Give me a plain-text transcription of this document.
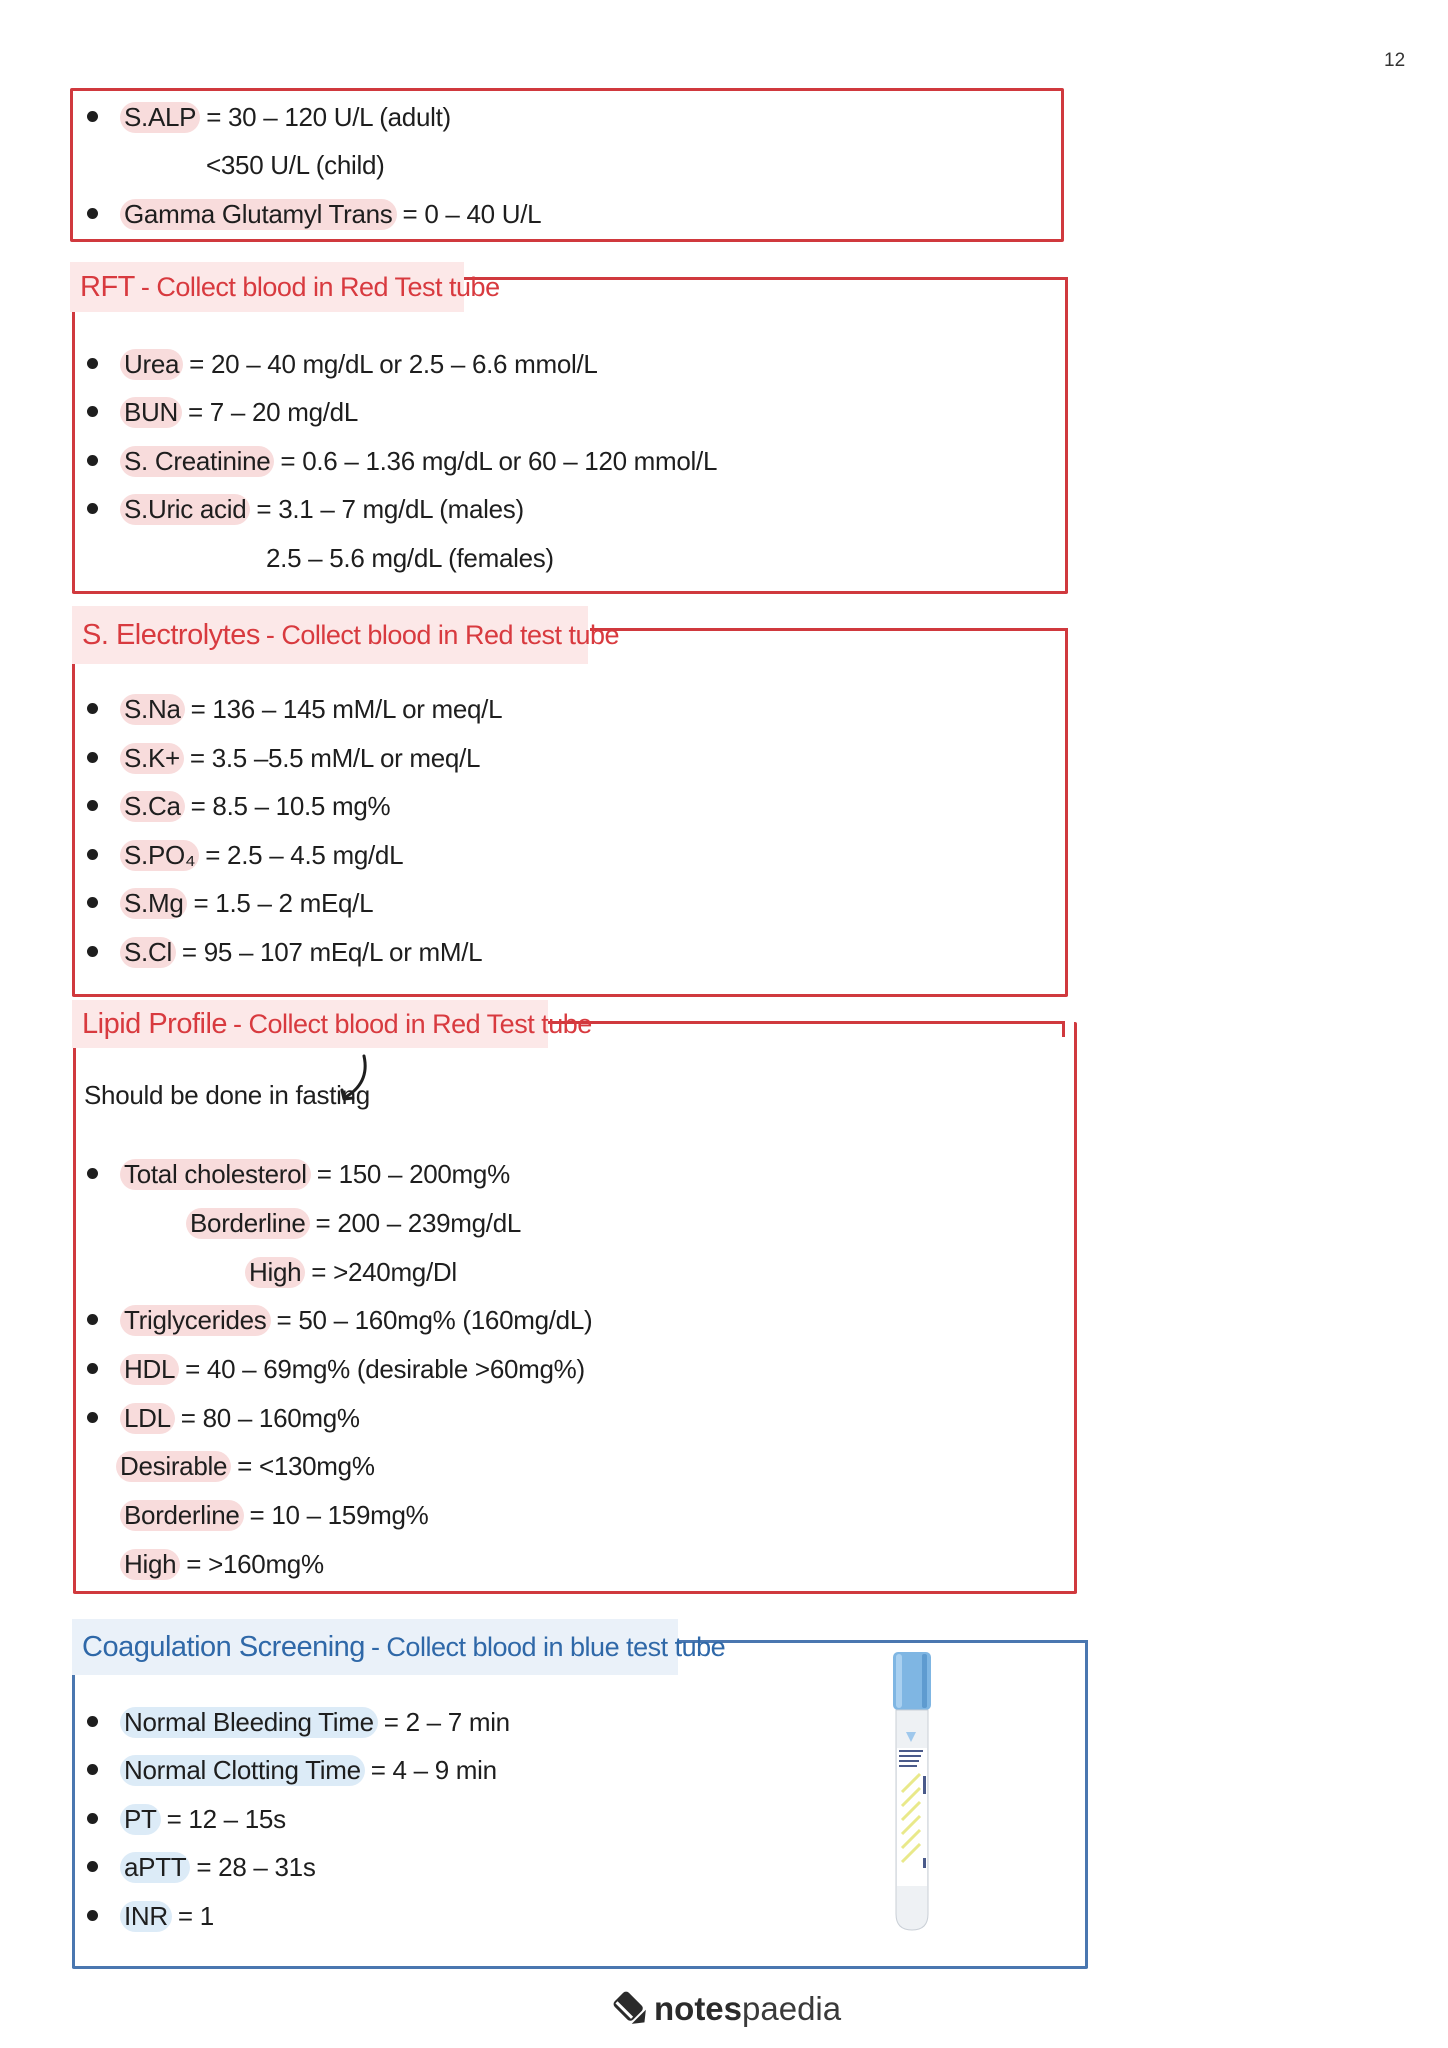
12
S.ALP = 30 – 120 U/L (adult)
<350 U/L (child)
Gamma Glutamyl Trans = 0 – 40 U/L
RFT - Collect blood in Red Test tube
Urea = 20 – 40 mg/dL or 2.5 – 6.6 mmol/L
BUN = 7 – 20 mg/dL
S. Creatinine = 0.6 – 1.36 mg/dL or 60 – 120 mmol/L
S.Uric acid = 3.1 – 7 mg/dL (males)
2.5 – 5.6 mg/dL (females)
S. Electrolytes - Collect blood in Red test tube
S.Na = 136 – 145 mM/L or meq/L
S.K+ = 3.5 –5.5 mM/L or meq/L
S.Ca = 8.5 – 10.5 mg%
S.PO₄ = 2.5 – 4.5 mg/dL
S.Mg = 1.5 – 2 mEq/L
S.Cl = 95 – 107 mEq/L or mM/L
Lipid Profile - Collect blood in Red Test tube
Should be done in fasting
Total cholesterol = 150 – 200mg%
Borderline = 200 – 239mg/dL
High = >240mg/Dl
Triglycerides = 50 – 160mg% (160mg/dL)
HDL = 40 – 69mg% (desirable >60mg%)
LDL = 80 – 160mg%
Desirable = <130mg%
Borderline = 10 – 159mg%
High = >160mg%
Coagulation Screening - Collect blood in blue test tube
Normal Bleeding Time = 2 – 7 min
Normal Clotting Time = 4 – 9 min
PT = 12 – 15s
aPTT = 28 – 31s
INR = 1
notes paedia
